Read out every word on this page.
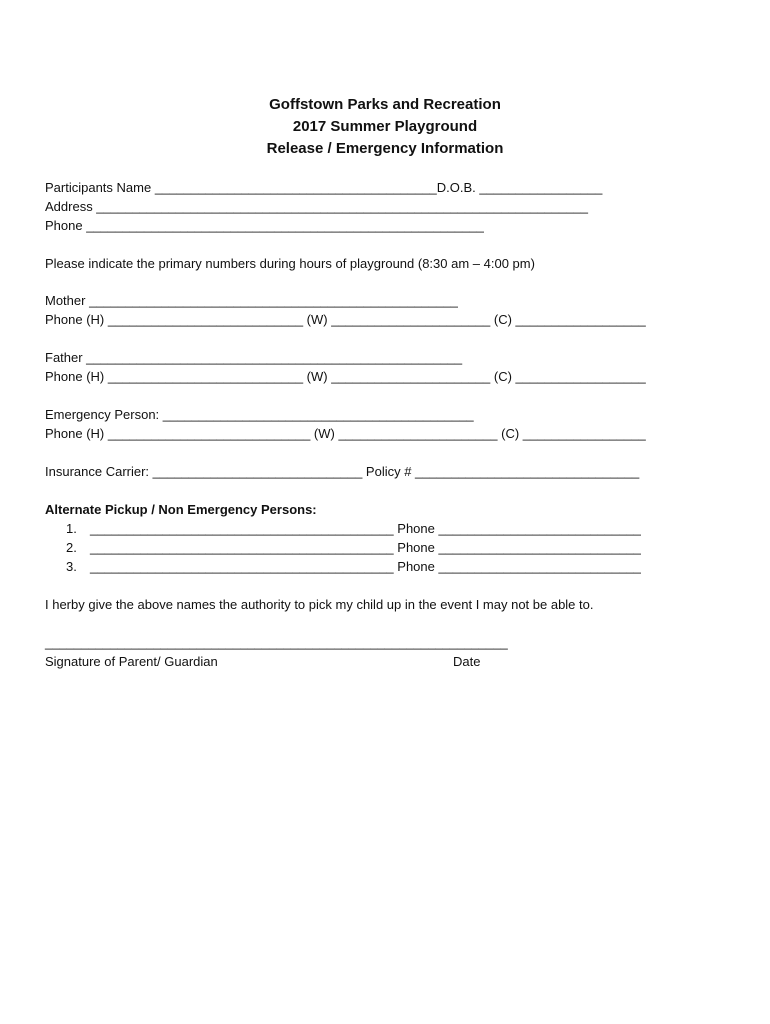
Goffstown Parks and Recreation
2017 Summer Playground
Release / Emergency Information
Participants Name _______________________________________D.O.B. _________________
Address ____________________________________________________________________
Phone _______________________________________________________
Please indicate the primary numbers during hours of playground (8:30 am – 4:00 pm)
Mother ___________________________________________________
Phone (H) ___________________________ (W) ______________________ (C) __________________
Father ____________________________________________________
Phone (H) ___________________________ (W) ______________________ (C) __________________
Emergency Person: ___________________________________________
Phone (H) ____________________________ (W) ______________________ (C) _________________
Insurance Carrier: _____________________________ Policy # _______________________________
Alternate Pickup / Non Emergency Persons:
1. __________________________________________ Phone ____________________________
2. __________________________________________ Phone ____________________________
3. __________________________________________ Phone ____________________________
I herby give the above names the authority to pick my child up in the event I may not be able to.
________________________________________________________________
Signature of Parent/ Guardian	Date
